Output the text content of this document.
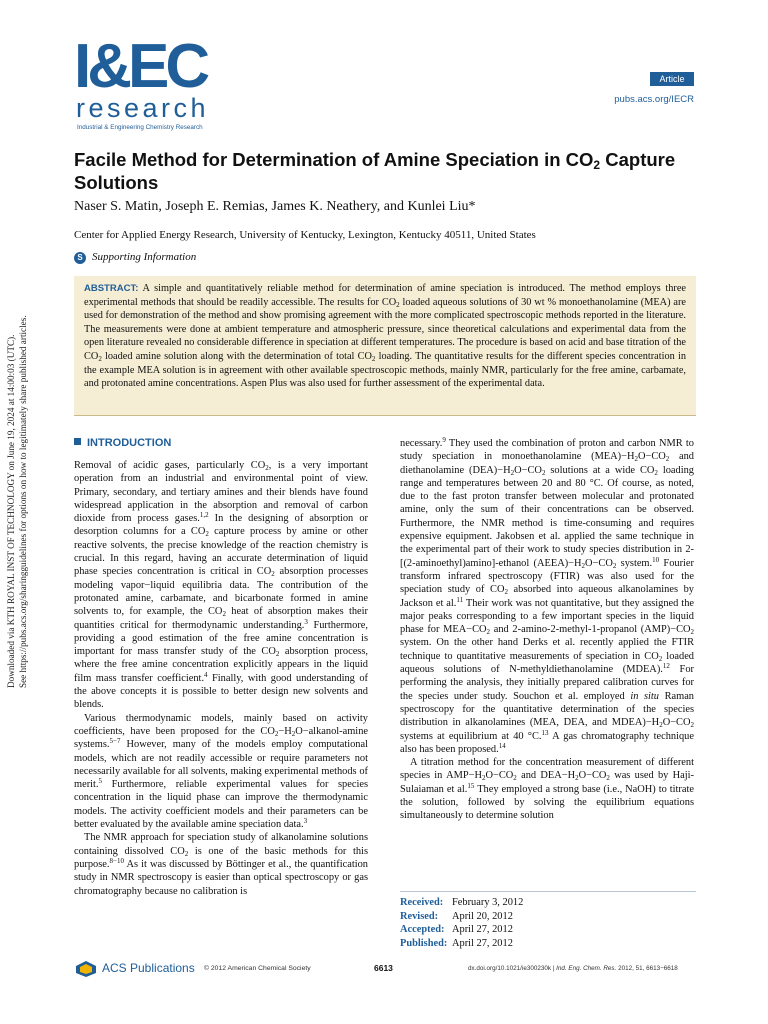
Downloaded via KTH ROYAL INST OF TECHNOLOGY on June 19, 2024 at 14:00:03 (UTC). See https://pubs.acs.org/sharingguidelines for options on how to legitimately share published articles.
I&EC
research
Industrial & Engineering Chemistry Research
Article
pubs.acs.org/IECR
Facile Method for Determination of Amine Speciation in $CO_2$ Capture Solutions
Naser S. Matin, Joseph E. Remias, James K. Neathery, and Kunlei Liu*
Center for Applied Energy Research, University of Kentucky, Lexington, Kentucky 40511, United States
S Supporting Information

ABSTRACT: A simple and quantitatively reliable method for determination of amine speciation is introduced. The method employs three experimental methods that should be readily accessible. The results for $CO_2$ loaded aqueous solutions of 30 wt % monoethanolamine (MEA) are used for demonstration of the method and show promising agreement with the more complicated spectroscopic methods reported in the literature. The measurements were done at ambient temperature and atmospheric pressure, since theoretical calculations and experimental data from the open literature revealed no considerable difference in speciation at different temperatures. The procedure is based on acid and base titration of the $CO_2$ loaded amine solution along with the determination of total $CO_2$ loading. The quantitative results for the different species concentration in the example MEA solution is in agreement with other available spectroscopic methods, mainly NMR, particularly for the free amine, carbamate, and protonated amine concentrations. Aspen Plus was also used for further assessment of the experimental data.

INTRODUCTION

Removal of acidic gases, particularly $CO_2$, is a very important operation from an industrial and environmental point of view. Primary, secondary, and tertiary amines and their blends have found widespread application in the absorption and removal of carbon dioxide from process gases.$^{1,2}$ In the designing of absorption or desorption columns for a $CO_2$ capture process by amine or other reactive solvents, the precise knowledge of the reaction chemistry is crucial. In this regard, having an accurate determination of liquid phase species concentration is critical in $CO_2$ absorption processes modeling vapor−liquid equilibria data. The contribution of the protonated amine, carbamate, and bicarbonate formed in amine solvents to, for example, the $CO_2$ heat of absorption makes their quantities critical for thermodynamic understanding.$^3$ Furthermore, providing a good estimation of the free amine concentration is important for mass transfer study of the $CO_2$ absorption process, where the free amine concentration explicitly appears in the liquid film mass transfer coefficient.$^4$ Finally, with good understanding of the above concepts it is possible to better design new solvents and blends.

Various thermodynamic models, mainly based on activity coefficients, have been proposed for the $CO_2-H_2O-alkanol$-amine systems.$^{5-7}$ However, many of the models employ computational models, which are not readily accessible or require parameters not necessarily available for all solvents, making experimental methods of merit.$^5$ Furthermore, reliable experimental values for species concentration in the liquid phase can improve the thermodynamic models. The activity coefficient models and their parameters can be better evaluated by the available amine speciation data.$^3$

The NMR approach for speciation study of alkanolamine solutions containing dissolved $CO_2$ is one of the basic methods for this purpose.$^{8-10}$ As it was discussed by Böttinger et al., the quantification study in NMR spectroscopy is easier than optical spectroscopy or gas chromatography because no calibration is

necessary.$^9$ They used the combination of proton and carbon NMR to study speciation in monoethanolamine $(MEA)-H_2O-CO_2$ and diethanolamine $(DEA)-H_2O-CO_2$ solutions at a wide $CO_2$ loading range and temperatures between 20 and 80 °C. Of course, as noted, due to the fast proton transfer between molecular and protonated amine, only the sum of their concentrations can be observed. Furthermore, the NMR method is time-consuming and requires expensive equipment. Jakobsen et al. applied the same technique in the experimental part of their work to study species distribution in 2-[(2-aminoethyl)amino]-ethanol $(AEEA)-H_2O-CO_2$ system.$^{10}$ Fourier transform infrared spectroscopy (FTIR) was also used for the speciation study of $CO_2$ absorbed into aqueous alkanolamines by Jackson et al.$^{11}$ Their work was not quantitative, but they assigned the major peaks corresponding to a few important species in the liquid phase for $MEA-CO_2$ and 2-amino-2-methyl-1-propanol $(AMP)-CO_2$ system. On the other hand Derks et al. recently applied the FTIR technique to quantitative measurements of speciation in $CO_2$ loaded aqueous solutions of N-methyldiethanolamine (MDEA).$^{12}$ For performing the analysis, they initially prepared calibration curves for the species under study. Souchon et al. employed in situ Raman spectroscopy for the quantitative determination of the species distribution in alkanolamines (MEA, DEA, and $MDEA)-H_2O-CO_2$ systems at equilibrium at 40 °C.$^{13}$ A gas chromatography technique also has been proposed.$^{14}$

A titration method for the concentration measurement of different species in $AMP-H_2O-CO_2$ and $DEA-H_2O-CO_2$ was used by Haji-Sulaiaman et al.$^{15}$ They employed a strong base (i.e., NaOH) to titrate the solution, followed by solving the equilibrium equations simultaneously to determine solution

Received: February 3, 2012
Revised: April 20, 2012
Accepted: April 27, 2012
Published: April 27, 2012
ACS Publications © 2012 American Chemical Society	6613	dx.doi.org/10.1021/ie300230k | Ind. Eng. Chem. Res. 2012, 51, 6613−6618
